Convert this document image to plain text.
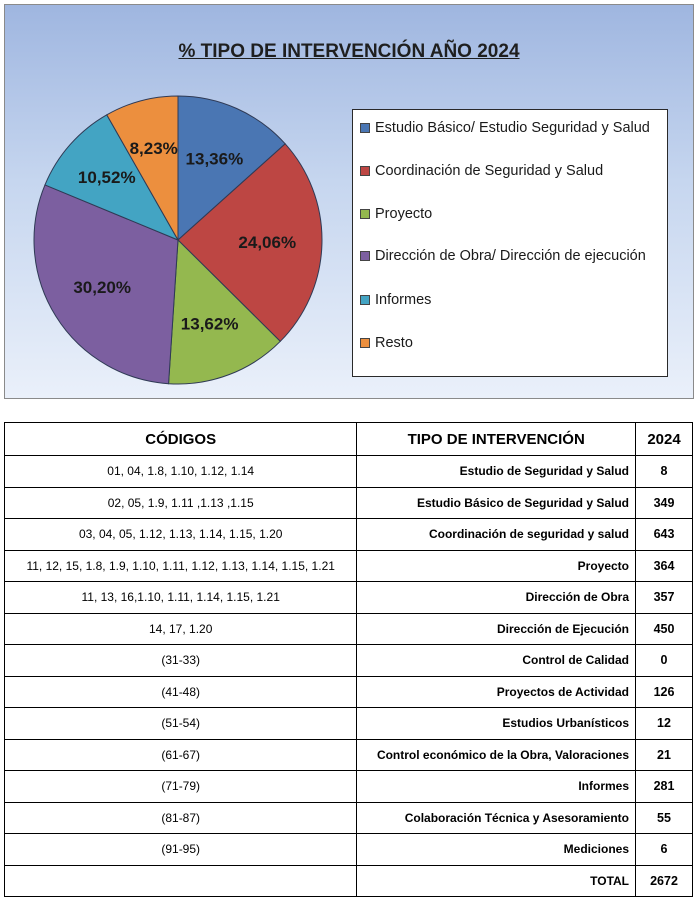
% TIPO DE INTERVENCIÓN AÑO 2024
13,36%
24,06%
13,62%
30,20%
10,52%
8,23%
Estudio Básico/ Estudio Seguridad y Salud
Coordinación de Seguridad y Salud
Proyecto
Dirección de Obra/ Dirección de ejecución
Informes
Resto
CÓDIGOS	TIPO DE INTERVENCIÓN	2024
01, 04, 1.8, 1.10, 1.12, 1.14	Estudio de Seguridad y Salud	8
02, 05, 1.9, 1.11 ,1.13 ,1.15	Estudio Básico de Seguridad y Salud	349
03, 04, 05, 1.12, 1.13, 1.14, 1.15, 1.20	Coordinación de seguridad y salud	643
11, 12, 15, 1.8, 1.9, 1.10, 1.11, 1.12, 1.13, 1.14, 1.15, 1.21	Proyecto	364
11, 13, 16,1.10, 1.11, 1.14, 1.15, 1.21	Dirección de Obra	357
14, 17, 1.20	Dirección de Ejecución	450
(31-33)	Control de Calidad	0
(41-48)	Proyectos de Actividad	126
(51-54)	Estudios Urbanísticos	12
(61-67)	Control económico de la Obra, Valoraciones	21
(71-79)	Informes	281
(81-87)	Colaboración Técnica y Asesoramiento	55
(91-95)	Mediciones	6
	TOTAL	2672
